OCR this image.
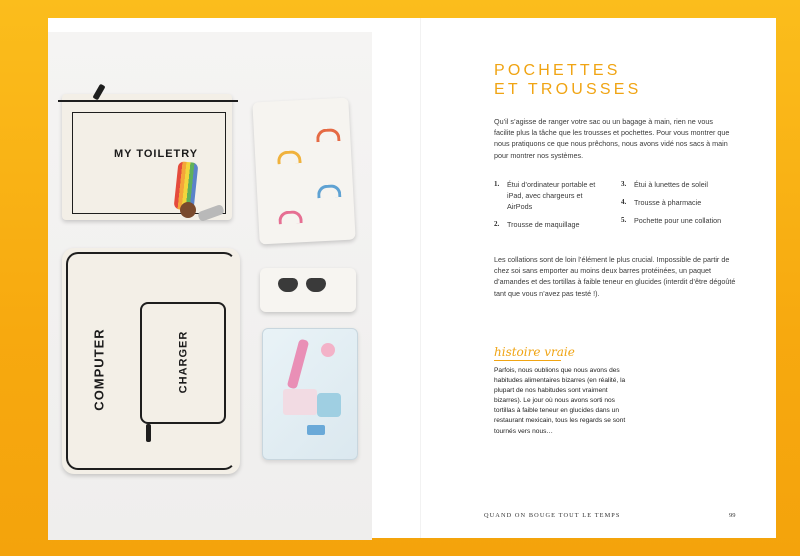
MY TOILETRY
COMPUTER	CHARGER
POCHETTES
ET TROUSSES

Qu’il s’agisse de ranger votre sac ou un bagage à main, rien ne vous facilite plus la tâche que les trousses et pochettes. Pour vous montrer que nous pratiquons ce que nous prêchons, nous avons vidé nos sacs à main pour montrer nos systèmes.

1. Étui d’ordinateur portable et iPad, avec chargeurs et AirPods
2. Trousse de maquillage
3. Étui à lunettes de soleil
4. Trousse à pharmacie
5. Pochette pour une collation

Les collations sont de loin l’élément le plus crucial. Impossible de partir de chez soi sans emporter au moins deux barres protéinées, un paquet d’amandes et des tortillas à faible teneur en glucides (interdit d’être dégoûté tant que vous n’avez pas testé !).

histoire vraie

Parfois, nous oublions que nous avons des habitudes alimentaires bizarres (en réalité, la plupart de nos habitudes sont vraiment bizarres). Le jour où nous avons sorti nos tortillas à faible teneur en glucides dans un restaurant mexicain, tous les regards se sont tournés vers nous…

QUAND ON BOUGE TOUT LE TEMPS	99
